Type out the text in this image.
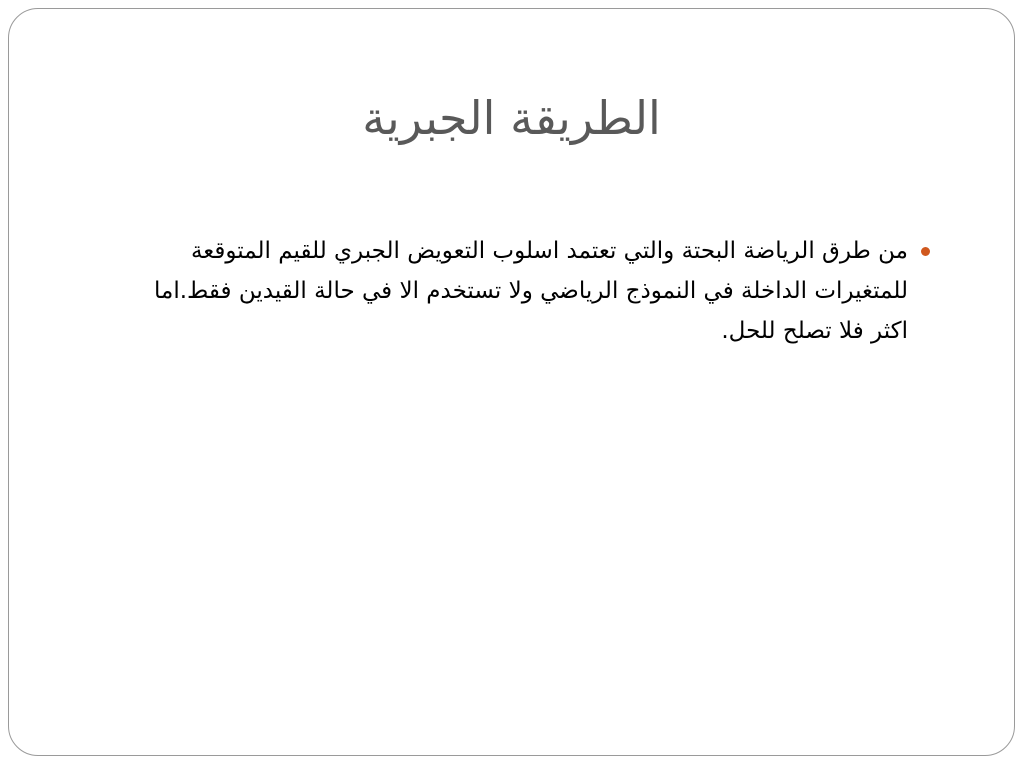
الطريقة الجبرية

من طرق الرياضة البحتة والتي تعتمد اسلوب التعويض الجبري للقيم المتوقعة للمتغيرات الداخلة في النموذج الرياضي ولا تستخدم الا في حالة القيدين فقط.اما اكثر فلا تصلح للحل.
